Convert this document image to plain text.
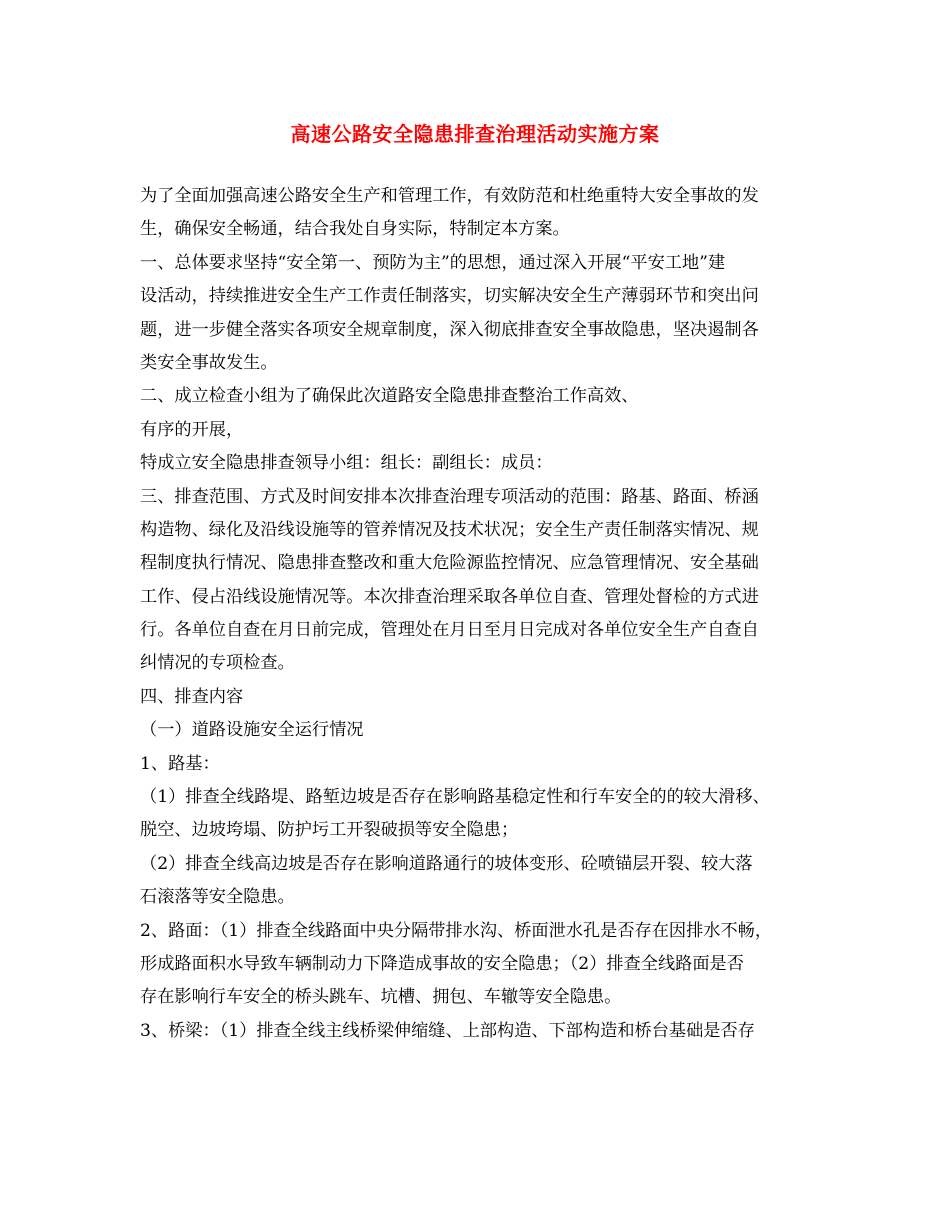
高速公路安全隐患排查治理活动实施方案
为了全面加强高速公路安全生产和管理工作，有效防范和杜绝重特大安全事故的发
生，确保安全畅通，结合我处自身实际，特制定本方案。
一、总体要求坚持“安全第一、预防为主”的思想，通过深入开展“平安工地”建
设活动，持续推进安全生产工作责任制落实，切实解决安全生产薄弱环节和突出问
题，进一步健全落实各项安全规章制度，深入彻底排查安全事故隐患，坚决遏制各
类安全事故发生。
二、成立检查小组为了确保此次道路安全隐患排查整治工作高效、
有序的开展，
特成立安全隐患排查领导小组：组长：副组长：成员：
三、排查范围、方式及时间安排本次排查治理专项活动的范围：路基、路面、桥涵
构造物、绿化及沿线设施等的管养情况及技术状况；安全生产责任制落实情况、规
程制度执行情况、隐患排查整改和重大危险源监控情况、应急管理情况、安全基础
工作、侵占沿线设施情况等。本次排查治理采取各单位自查、管理处督检的方式进
行。各单位自查在月日前完成，管理处在月日至月日完成对各单位安全生产自查自
纠情况的专项检查。
四、排查内容
（一）道路设施安全运行情况
1、路基：
（1）排查全线路堤、路堑边坡是否存在影响路基稳定性和行车安全的的较大滑移、
脱空、边坡垮塌、防护圬工开裂破损等安全隐患；
（2）排查全线高边坡是否存在影响道路通行的坡体变形、砼喷锚层开裂、较大落
石滚落等安全隐患。
2、路面：（1）排查全线路面中央分隔带排水沟、桥面泄水孔是否存在因排水不畅，
形成路面积水导致车辆制动力下降造成事故的安全隐患；（2）排查全线路面是否
存在影响行车安全的桥头跳车、坑槽、拥包、车辙等安全隐患。
3、桥梁：（1）排查全线主线桥梁伸缩缝、上部构造、下部构造和桥台基础是否存
